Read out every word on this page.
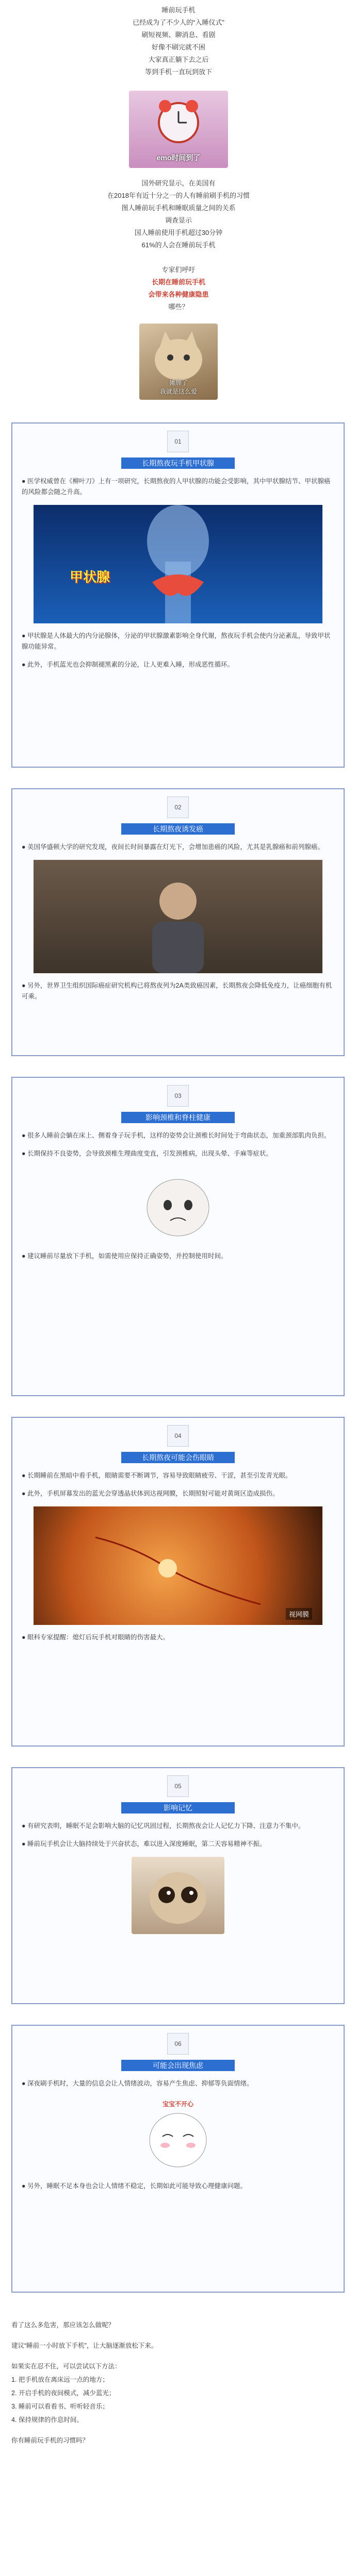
睡前玩手机

已经成为了不少人的“入睡仪式”

刷短视频、聊消息、看剧

好像不刷完就不困

大家真正躺下去之后

等到手机一直玩到放下

emo时间到了

国外研究显示，在美国有

在2018年有近十分之一的人有睡前刷手机的习惯

图人睡前玩手机和睡眠质量之间的关系

调查显示

国人睡前使用手机超过30分钟

61%的人会在睡前玩手机

专家们呼吁

长期在睡前玩手机

会带来各种健康隐患

哪些？

摊牌了
我就是这么爱
01
长期熬夜玩手机甲状腺
● 医学权威曾在《柳叶刀》上有一项研究，长期熬夜的人甲状腺的功能会受影响，其中甲状腺结节、甲状腺癌的风险都会随之升高。
甲状腺
● 甲状腺是人体最大的内分泌腺体，分泌的甲状腺激素影响全身代谢，熬夜玩手机会使内分泌紊乱，导致甲状腺功能异常。
● 此外，手机蓝光也会抑制褪黑素的分泌，让人更难入睡，形成恶性循环。
02
长期熬夜诱发癌
● 美国华盛顿大学的研究发现，夜间长时间暴露在灯光下，会增加患癌的风险，尤其是乳腺癌和前列腺癌。
● 另外，世界卫生组织国际癌症研究机构已将熬夜列为2A类致癌因素，长期熬夜会降低免疫力，让癌细胞有机可乘。
03
影响颈椎和脊柱健康
● 很多人睡前会躺在床上、侧着身子玩手机，这样的姿势会让颈椎长时间处于弯曲状态，加重颈部肌肉负担。
● 长期保持不良姿势，会导致颈椎生理曲度变直，引发颈椎病，出现头晕、手麻等症状。
● 建议睡前尽量放下手机，如需使用应保持正确姿势，并控制使用时间。
04
长期熬夜可能会伤眼睛
● 长期睡前在黑暗中看手机，眼睛需要不断调节，容易导致眼睛疲劳、干涩，甚至引发青光眼。
● 此外，手机屏幕发出的蓝光会穿透晶状体到达视网膜，长期照射可能对黄斑区造成损伤。
视网膜
● 眼科专家提醒：熄灯后玩手机对眼睛的伤害最大。
05
影响记忆
● 有研究表明，睡眠不足会影响大脑的记忆巩固过程，长期熬夜会让人记忆力下降、注意力不集中。
● 睡前玩手机会让大脑持续处于兴奋状态，难以进入深度睡眠，第二天容易精神不振。
06
可能会出现焦虑
● 深夜刷手机时，大量的信息会让人情绪波动，容易产生焦虑、抑郁等负面情绪。
宝宝不开心
● 另外，睡眠不足本身也会让人情绪不稳定，长期如此可能导致心理健康问题。

看了这么多危害，那应该怎么做呢？

建议“睡前一小时放下手机”，让大脑逐渐放松下来。

如果实在忍不住，可以尝试以下方法：

1. 把手机放在离床远一点的地方；

2. 开启手机的夜间模式，减少蓝光；

3. 睡前可以看看书、听听轻音乐；

4. 保持规律的作息时间。

你有睡前玩手机的习惯吗？
